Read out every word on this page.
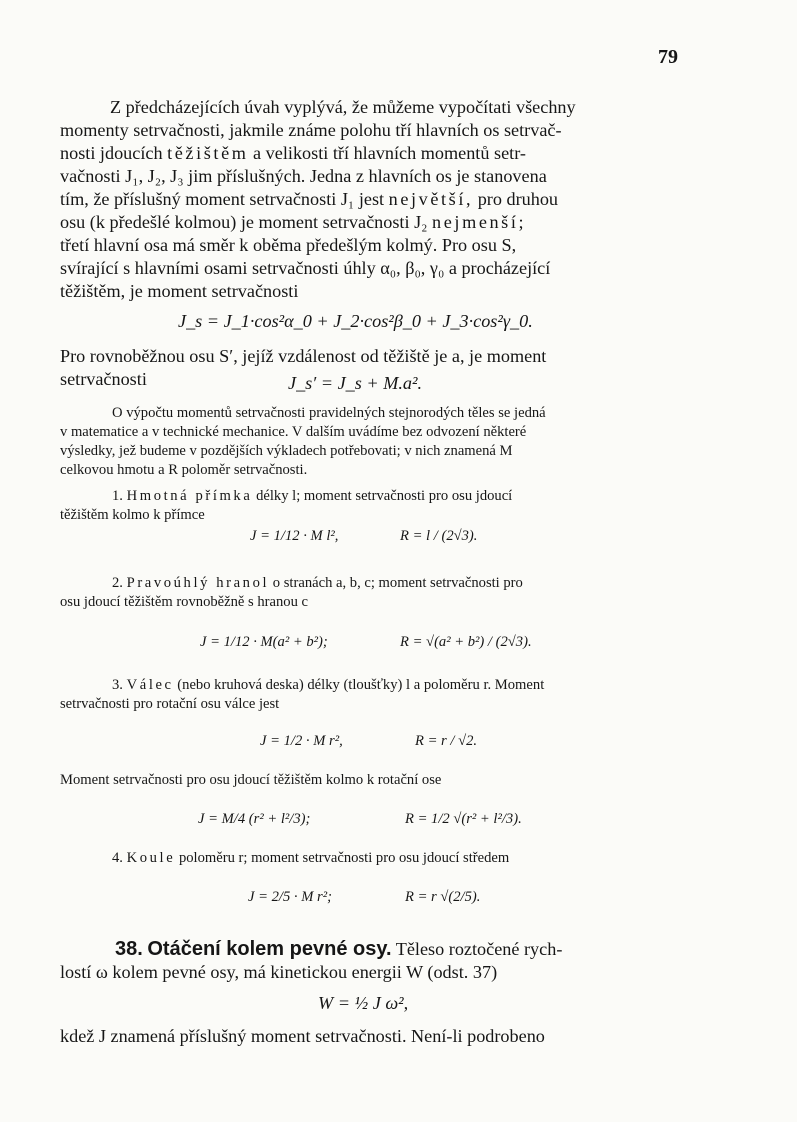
79
Z předcházejících úvah vyplývá, že můžeme vypočítati všechny
momenty setrvačnosti, jakmile známe polohu tří hlavních os setrvač-
nosti jdoucích těžištěm a velikosti tří hlavních momentů setr-
vačnosti J₁, J₂, J₃ jim příslušných. Jedna z hlavních os je stanovena
tím, že příslušný moment setrvačnosti J₁ jest největší, pro druhou
osu (k předešlé kolmou) je moment setrvačnosti J₂ nejmenší;
třetí hlavní osa má směr k oběma předešlým kolmý. Pro osu S,
svírající s hlavními osami setrvačnosti úhly α₀, β₀, γ₀ a procházející
těžištěm, je moment setrvačnosti
J_s = J_1·cos²α_0 + J_2·cos²β_0 + J_3·cos²γ_0.
Pro rovnoběžnou osu S′, jejíž vzdálenost od těžiště je a, je moment
setrvačnosti	J_s′ = J_s + M.a².
O výpočtu momentů setrvačnosti pravidelných stejnorodých těles se jedná
v matematice a v technické mechanice. V dalším uvádíme bez odvození některé
výsledky, jež budeme v pozdějších výkladech potřebovati; v nich znamená M
celkovou hmotu a R poloměr setrvačnosti.
1. Hmotná přímka délky l; moment setrvačnosti pro osu jdoucí
těžištěm kolmo k přímce
J = 1/12 · M l²,	R = l / (2√3).
2. Pravoúhlý hranol o stranách a, b, c; moment setrvačnosti pro
osu jdoucí těžištěm rovnoběžně s hranou c
J = 1/12 · M(a² + b²);	R = √(a² + b²) / (2√3).
3. Válec (nebo kruhová deska) délky (tloušťky) l a poloměru r. Moment
setrvačnosti pro rotační osu válce jest
J = 1/2 · M r²,	R = r / √2.
Moment setrvačnosti pro osu jdoucí těžištěm kolmo k rotační ose
J = M/4 (r² + l²/3);	R = 1/2 √(r² + l²/3).
4. Koule poloměru r; moment setrvačnosti pro osu jdoucí středem
J = 2/5 · M r²;	R = r √(2/5).
38. Otáčení kolem pevné osy. Těleso roztočené rych-
lostí ω kolem pevné osy, má kinetickou energii W (odst. 37)
W = ½ J ω²,
kdež J znamená příslušný moment setrvačnosti. Není-li podrobeno
